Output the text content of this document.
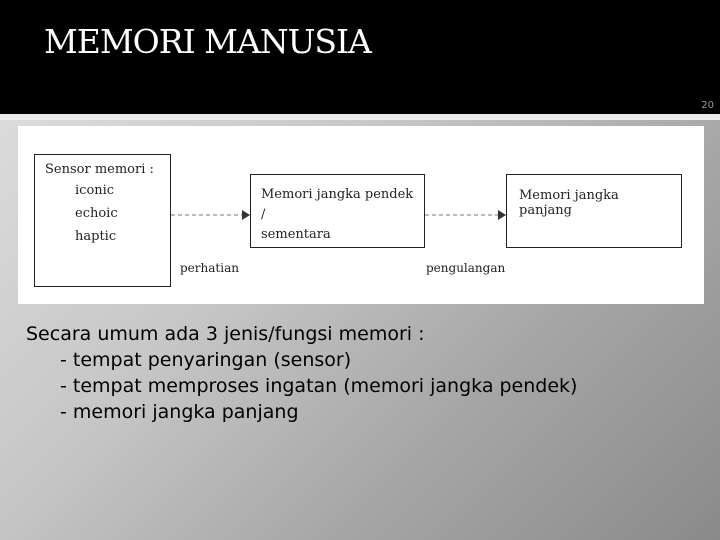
MEMORI MANUSIA
20
Sensor memori :
iconic
echoic
haptic
Memori jangka pendek /
sementara
Memori jangka panjang
perhatian	pengulangan
Secara umum ada 3 jenis/fungsi memori :
- tempat penyaringan (sensor)
- tempat memproses ingatan (memori jangka pendek)
- memori jangka panjang
